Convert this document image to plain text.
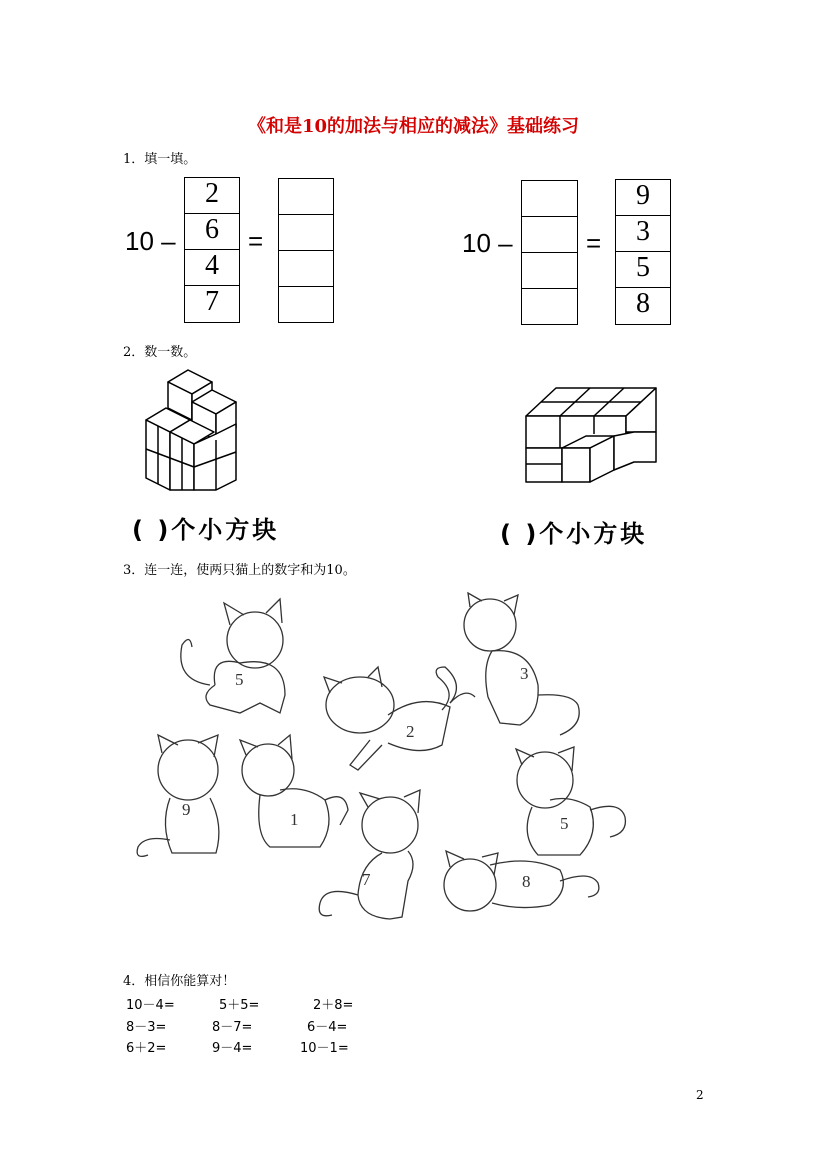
《和是10的加法与相应的减法》基础练习
1．填一填。
10 –
2
6
4
7
=	10 –	=
9
3
5
8
2．数一数。
( )个小方块	( )个小方块
3．连一连，使两只猫上的数字和为10。
5
2
3
9
1
7
5
8
4．相信你能算对！
10－4=	5＋5=	2＋8=
8－3=	8－7=	6－4=
6＋2=	9－4=	10－1=
2
